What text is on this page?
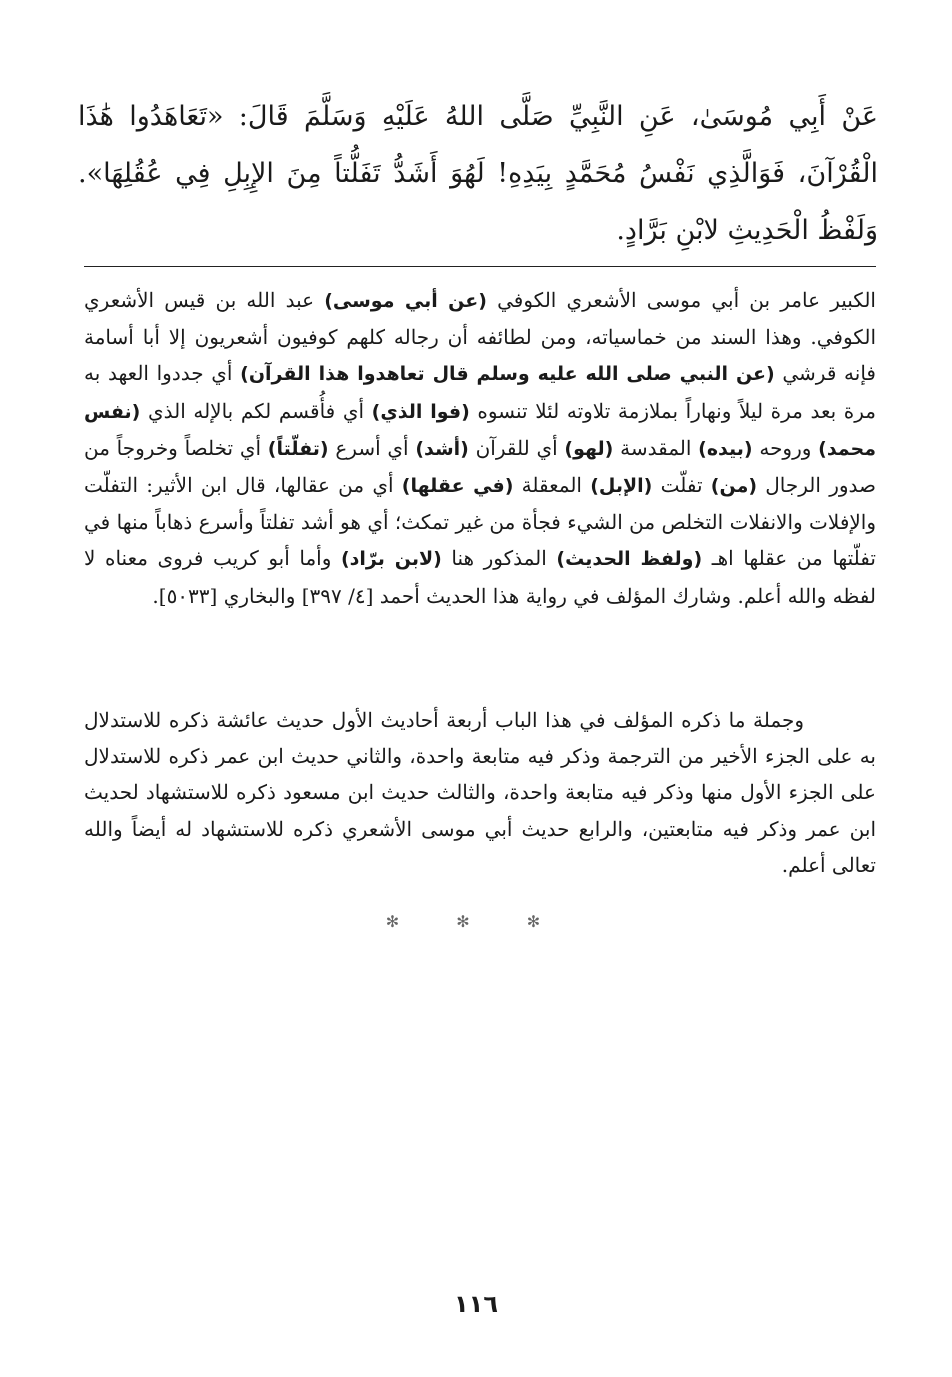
عَنْ أَبِي مُوسَىٰ، عَنِ النَّبِيِّ صَلَّى اللهُ عَلَيْهِ وَسَلَّمَ قَالَ: «تَعَاهَدُوا هَٰذَا الْقُرْآنَ، فَوَالَّذِي نَفْسُ مُحَمَّدٍ بِيَدِهِ! لَهُوَ أَشَدُّ تَفَلُّتاً مِنَ الإِبِلِ فِي عُقُلِهَا». وَلَفْظُ الْحَدِيثِ لابْنِ بَرَّادٍ.

الكبير عامر بن أبي موسى الأشعري الكوفي (عن أبي موسى) عبد الله بن قيس الأشعري الكوفي. وهذا السند من خماسياته، ومن لطائفه أن رجاله كلهم كوفيون أشعريون إلا أبا أسامة فإنه قرشي (عن النبي صلى الله عليه وسلم قال تعاهدوا هذا القرآن) أي جددوا العهد به مرة بعد مرة ليلاً ونهاراً بملازمة تلاوته لئلا تنسوه (فوا الذي) أي فأُقسم لكم بالإله الذي (نفس محمد) وروحه (بيده) المقدسة (لهو) أي للقرآن (أشد) أي أسرع (تفلّتاً) أي تخلصاً وخروجاً من صدور الرجال (من) تفلّت (الإبل) المعقلة (في عقلها) أي من عقالها، قال ابن الأثير: التفلّت والإفلات والانفلات التخلص من الشيء فجأة من غير تمكث؛ أي هو أشد تفلتاً وأسرع ذهاباً منها في تفلّتها من عقلها اهـ (ولفظ الحديث) المذكور هنا (لابن برّاد) وأما أبو كريب فروى معناه لا لفظه والله أعلم. وشارك المؤلف في رواية هذا الحديث أحمد [٤/ ٣٩٧] والبخاري [٥٠٣٣].

وجملة ما ذكره المؤلف في هذا الباب أربعة أحاديث الأول حديث عائشة ذكره للاستدلال به على الجزء الأخير من الترجمة وذكر فيه متابعة واحدة، والثاني حديث ابن عمر ذكره للاستدلال على الجزء الأول منها وذكر فيه متابعة واحدة، والثالث حديث ابن مسعود ذكره للاستشهاد لحديث ابن عمر وذكر فيه متابعتين، والرابع حديث أبي موسى الأشعري ذكره للاستشهاد له أيضاً والله تعالى أعلم.

✻ ✻ ✻
١١٦
